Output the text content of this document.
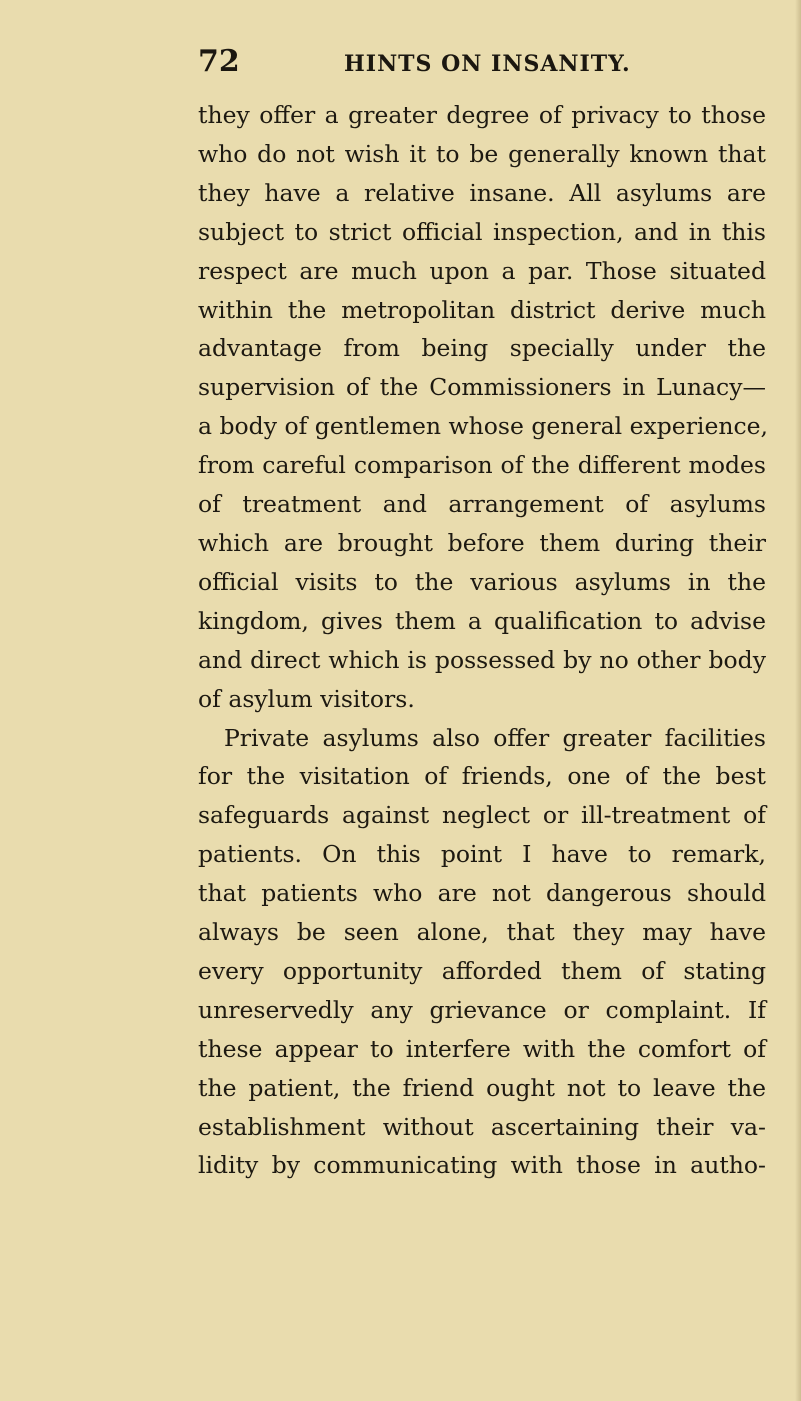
72	HINTS ON INSANITY.
they offer a greater degree of privacy to those
who do not wish it to be generally known that
they have a relative insane. All asylums are
subject to strict official inspection, and in this
respect are much upon a par. Those situated
within the metropolitan district derive much
advantage from being specially under the
supervision of the Commissioners in Lunacy—
a body of gentlemen whose general experience,
from careful comparison of the different modes
of treatment and arrangement of asylums
which are brought before them during their
official visits to the various asylums in the
kingdom, gives them a qualification to advise
and direct which is possessed by no other body
of asylum visitors.
Private asylums also offer greater facilities
for the visitation of friends, one of the best
safeguards against neglect or ill-treatment of
patients. On this point I have to remark,
that patients who are not dangerous should
always be seen alone, that they may have
every opportunity afforded them of stating
unreservedly any grievance or complaint. If
these appear to interfere with the comfort of
the patient, the friend ought not to leave the
establishment without ascertaining their va-
lidity by communicating with those in autho-
